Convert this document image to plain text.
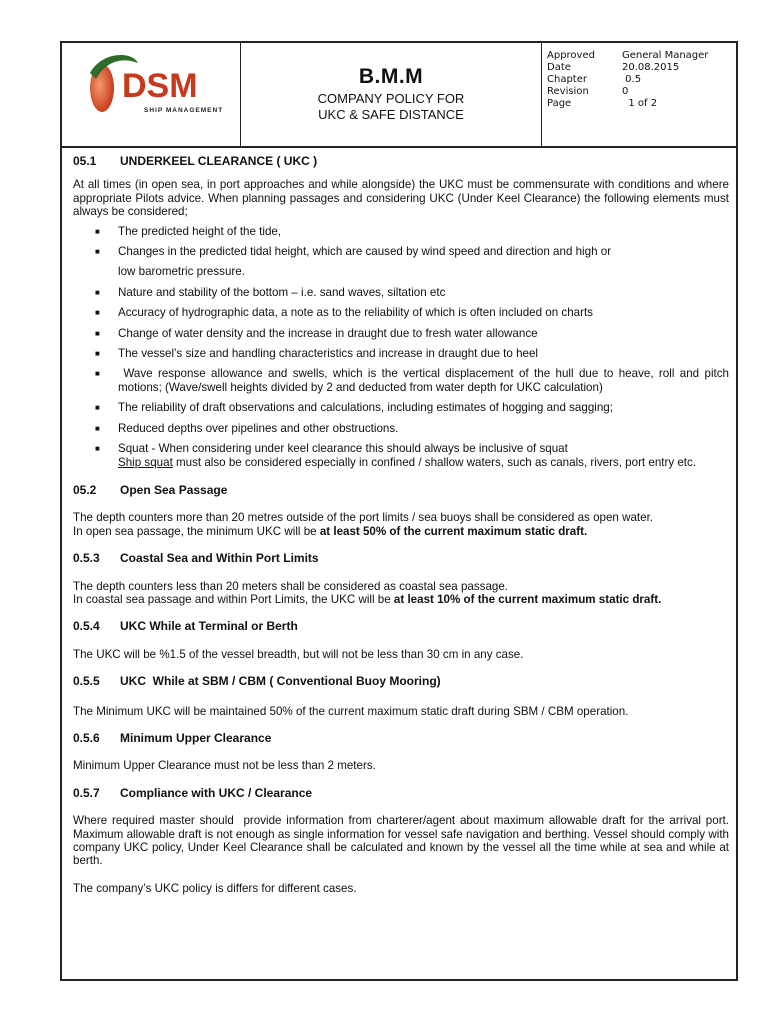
DSM
SHIP MANAGEMENT
B.M.M
COMPANY POLICY FOR
UKC & SAFE DISTANCE
Approved	General Manager
Date	20.08.2015
Chapter	0.5
Revision	0
Page	1 of 2
05.1	UNDERKEEL CLEARANCE ( UKC )

At all times (in open sea, in port approaches and while alongside) the UKC must be commensurate with conditions and where appropriate Pilots advice. When planning passages and considering UKC (Under Keel Clearance) the following elements must always be considered;

■	The predicted height of the tide,
■	Changes in the predicted tidal height, which are caused by wind speed and direction and high or

low barometric pressure.
■	Nature and stability of the bottom – i.e. sand waves, siltation etc
■	Accuracy of hydrographic data, a note as to the reliability of which is often included on charts
■	Change of water density and the increase in draught due to fresh water allowance
■	The vessel’s size and handling characteristics and increase in draught due to heel
■	Wave response allowance and swells, which is the vertical displacement of the hull due to heave, roll and pitch motions; (Wave/swell heights divided by 2 and deducted from water depth for UKC calculation)
■	The reliability of draft observations and calculations, including estimates of hogging and sagging;
■	Reduced depths over pipelines and other obstructions.
■	Squat - When considering under keel clearance this should always be inclusive of squat
Ship squat must also be considered especially in confined / shallow waters, such as canals, rivers, port entry etc.
05.2	Open Sea Passage

The depth counters more than 20 metres outside of the port limits / sea buoys shall be considered as open water.

In open sea passage, the minimum UKC will be at least 50% of the current maximum static draft.

0.5.3	Coastal Sea and Within Port Limits

The depth counters less than 20 meters shall be considered as coastal sea passage.

In coastal sea passage and within Port Limits, the UKC will be at least 10% of the current maximum static draft.

0.5.4	UKC While at Terminal or Berth

The UKC will be %1.5 of the vessel breadth, but will not be less than 30 cm in any case.

0.5.5	UKC  While at SBM / CBM ( Conventional Buoy Mooring)

The Minimum UKC will be maintained 50% of the current maximum static draft during SBM / CBM operation.

0.5.6	Minimum Upper Clearance

Minimum Upper Clearance must not be less than 2 meters.

0.5.7	Compliance with UKC / Clearance

Where required master should  provide information from charterer/agent about maximum allowable draft for the arrival port. Maximum allowable draft is not enough as single information for vessel safe navigation and berthing. Vessel should comply with company UKC policy, Under Keel Clearance shall be calculated and known by the vessel all the time while at sea and while at berth.

The company’s UKC policy is differs for different cases.
